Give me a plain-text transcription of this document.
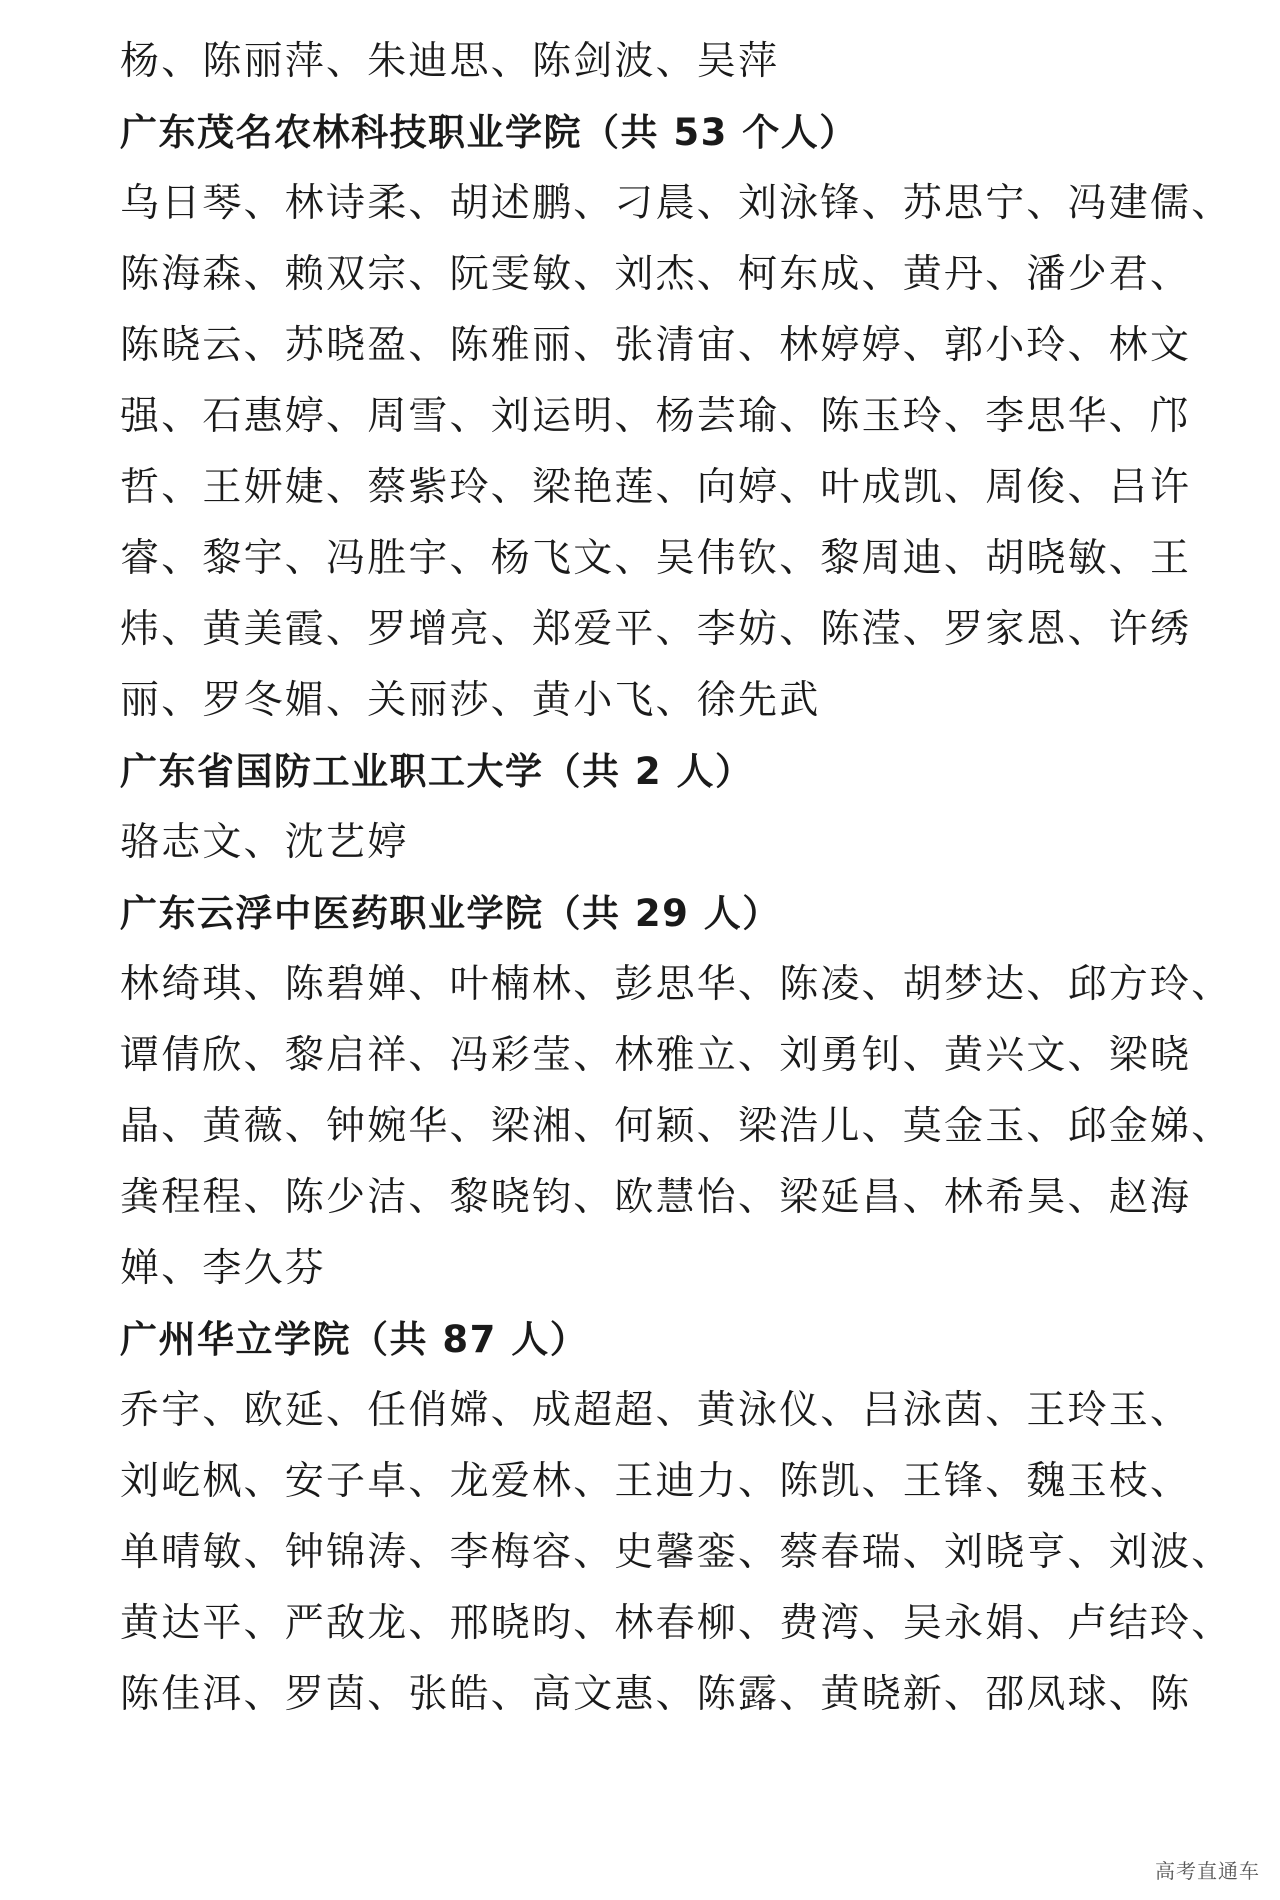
杨、陈丽萍、朱迪思、陈剑波、吴萍
广东茂名农林科技职业学院（共 53 个人）
乌日琴、林诗柔、胡述鹏、刁晨、刘泳锋、苏思宁、冯建儒、
陈海森、赖双宗、阮雯敏、刘杰、柯东成、黄丹、潘少君、
陈晓云、苏晓盈、陈雅丽、张清宙、林婷婷、郭小玲、林文
强、石惠婷、周雪、刘运明、杨芸瑜、陈玉玲、李思华、邝
哲、王妍婕、蔡紫玲、梁艳莲、向婷、叶成凯、周俊、吕许
睿、黎宇、冯胜宇、杨飞文、吴伟钦、黎周迪、胡晓敏、王
炜、黄美霞、罗增亮、郑爱平、李妨、陈滢、罗家恩、许绣
丽、罗冬媚、关丽莎、黄小飞、徐先武
广东省国防工业职工大学（共 2 人）
骆志文、沈艺婷
广东云浮中医药职业学院（共 29 人）
林绮琪、陈碧婵、叶楠林、彭思华、陈凌、胡梦达、邱方玲、
谭倩欣、黎启祥、冯彩莹、林雅立、刘勇钊、黄兴文、梁晓
晶、黄薇、钟婉华、梁湘、何颖、梁浩儿、莫金玉、邱金娣、
龚程程、陈少洁、黎晓钧、欧慧怡、梁延昌、林希昊、赵海
婵、李久芬
广州华立学院（共 87 人）
乔宇、欧延、任俏嫦、成超超、黄泳仪、吕泳茵、王玲玉、
刘屹枫、安子卓、龙爱林、王迪力、陈凯、王锋、魏玉枝、
单晴敏、钟锦涛、李梅容、史馨銮、蔡春瑞、刘晓亨、刘波、
黄达平、严敌龙、邢晓昀、林春柳、费湾、吴永娟、卢结玲、
陈佳洱、罗茵、张皓、高文惠、陈露、黄晓新、邵凤球、陈
高考直通车
